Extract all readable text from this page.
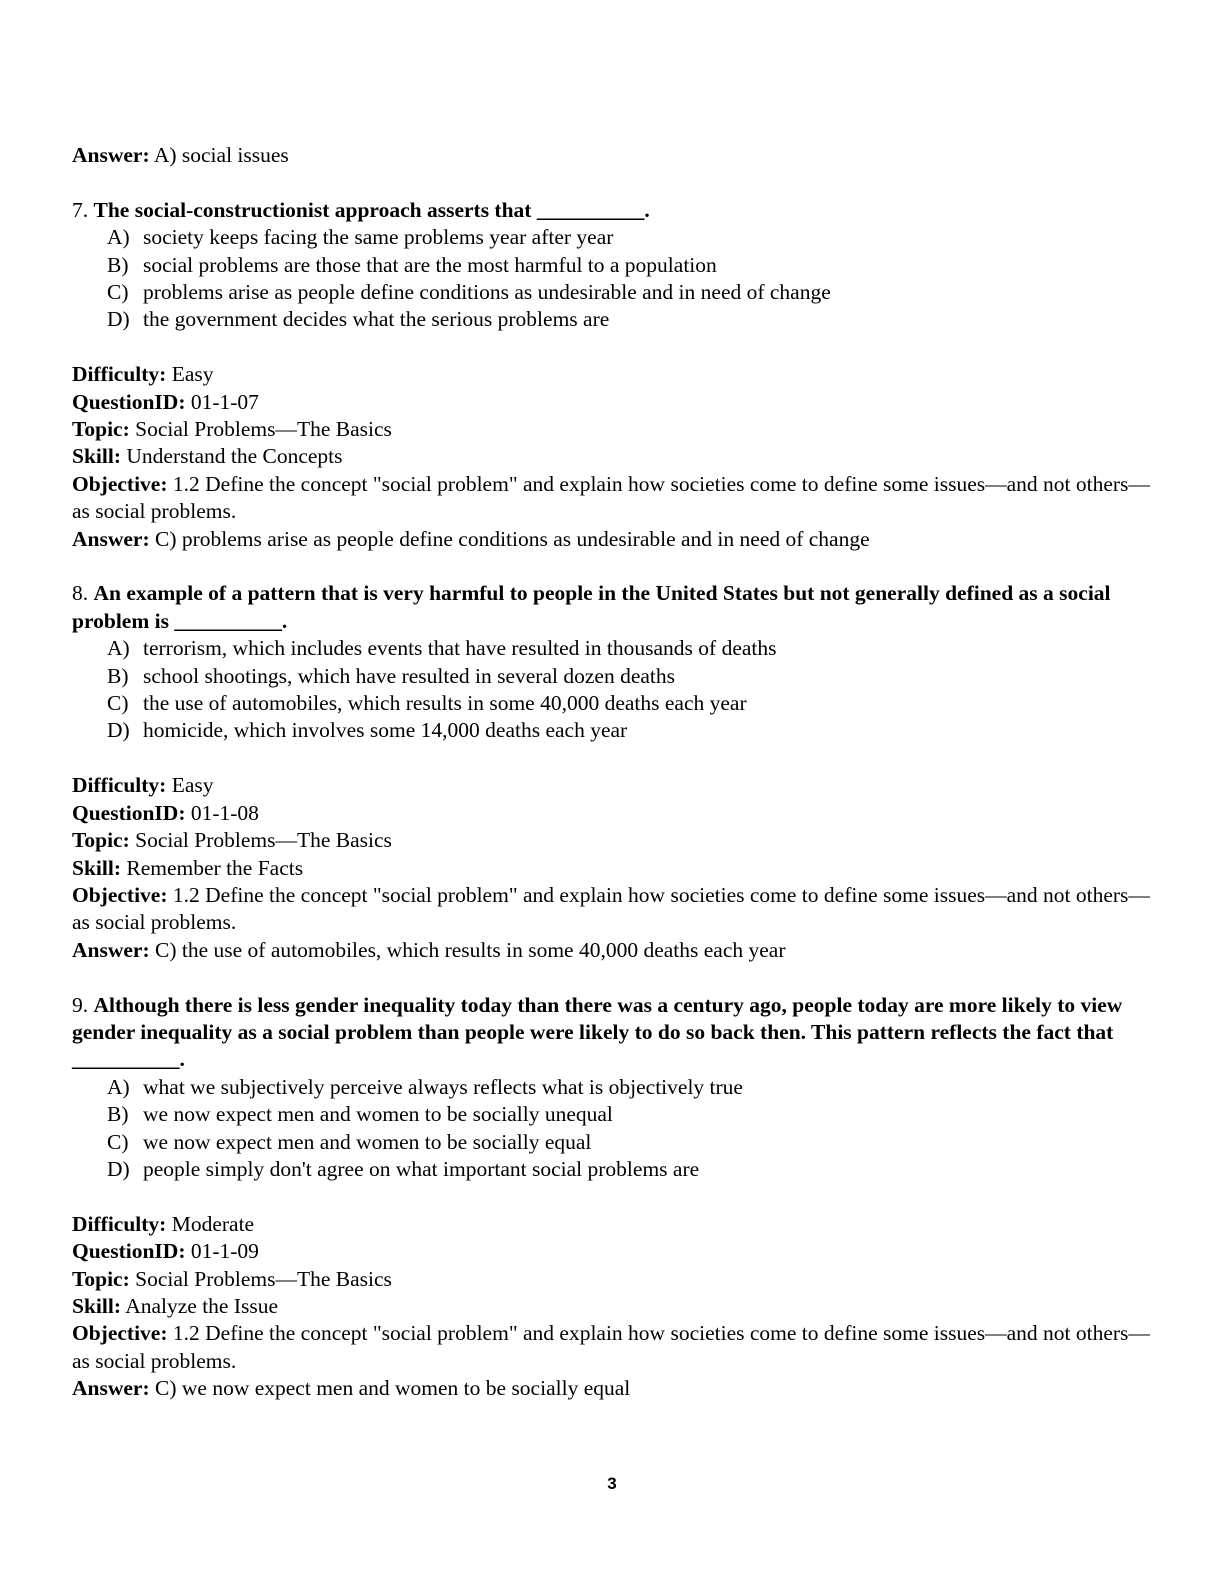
Answer: A) social issues

7. The social-constructionist approach asserts that __________.

A) society keeps facing the same problems year after year
B) social problems are those that are the most harmful to a population
C) problems arise as people define conditions as undesirable and in need of change
D) the government decides what the serious problems are

Difficulty: Easy

QuestionID: 01-1-07

Topic: Social Problems—The Basics

Skill: Understand the Concepts

Objective: 1.2 Define the concept "social problem" and explain how societies come to define some issues—and not others—as social problems.

Answer: C) problems arise as people define conditions as undesirable and in need of change

8. An example of a pattern that is very harmful to people in the United States but not generally defined as a social problem is __________.

A) terrorism, which includes events that have resulted in thousands of deaths
B) school shootings, which have resulted in several dozen deaths
C) the use of automobiles, which results in some 40,000 deaths each year
D) homicide, which involves some 14,000 deaths each year

Difficulty: Easy

QuestionID: 01-1-08

Topic: Social Problems—The Basics

Skill: Remember the Facts

Objective: 1.2 Define the concept "social problem" and explain how societies come to define some issues—and not others—as social problems.

Answer: C) the use of automobiles, which results in some 40,000 deaths each year

9. Although there is less gender inequality today than there was a century ago, people today are more likely to view gender inequality as a social problem than people were likely to do so back then. This pattern reflects the fact that __________.

A) what we subjectively perceive always reflects what is objectively true
B) we now expect men and women to be socially unequal
C) we now expect men and women to be socially equal
D) people simply don't agree on what important social problems are

Difficulty: Moderate

QuestionID: 01-1-09

Topic: Social Problems—The Basics

Skill: Analyze the Issue

Objective: 1.2 Define the concept "social problem" and explain how societies come to define some issues—and not others—as social problems.

Answer: C) we now expect men and women to be socially equal

3
